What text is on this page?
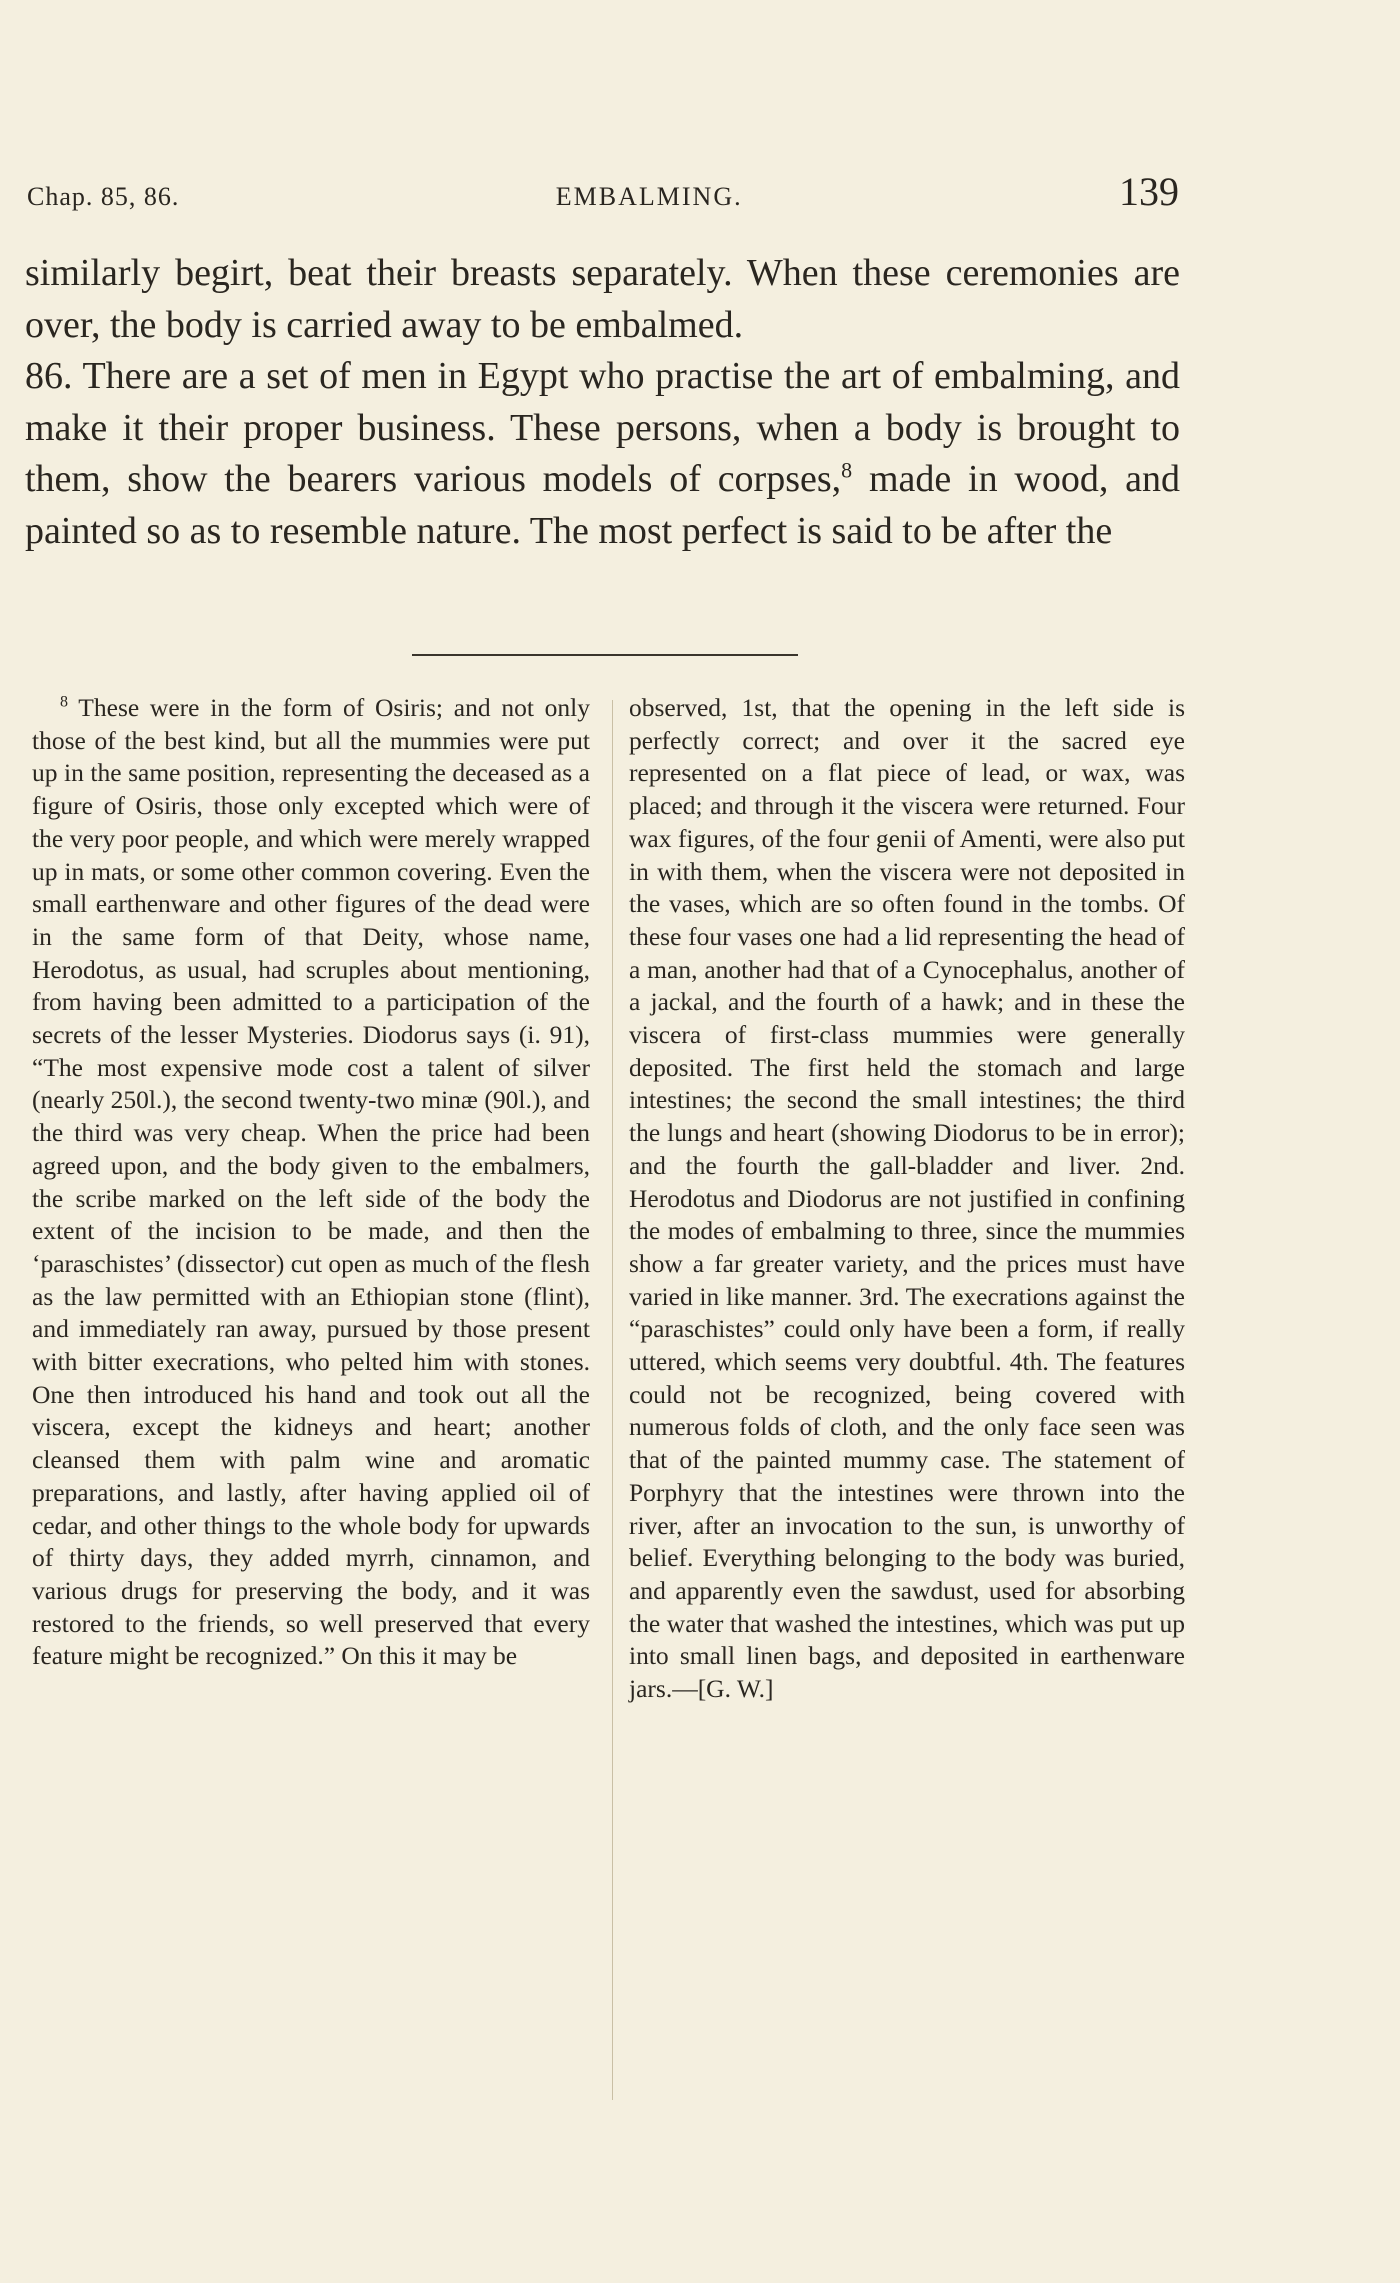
Chap. 85, 86.	EMBALMING.	139

similarly begirt, beat their breasts separately. When these ceremonies are over, the body is carried away to be embalmed.

86. There are a set of men in Egypt who practise the art of embalming, and make it their proper business. These persons, when a body is brought to them, show the bearers various models of corpses,$^8$ made in wood, and painted so as to resemble nature. The most perfect is said to be after the

$^8$ These were in the form of Osiris; and not only those of the best kind, but all the mummies were put up in the same position, representing the deceased as a figure of Osiris, those only excepted which were of the very poor people, and which were merely wrapped up in mats, or some other common covering. Even the small earthenware and other figures of the dead were in the same form of that Deity, whose name, Herodotus, as usual, had scruples about mentioning, from having been admitted to a participation of the secrets of the lesser Mysteries. Diodorus says (i. 91), “The most expensive mode cost a talent of silver (nearly 250l.), the second twenty-two minæ (90l.), and the third was very cheap. When the price had been agreed upon, and the body given to the embalmers, the scribe marked on the left side of the body the extent of the incision to be made, and then the ‘paraschistes’ (dissector) cut open as much of the flesh as the law permitted with an Ethiopian stone (flint), and immediately ran away, pursued by those present with bitter execrations, who pelted him with stones. One then introduced his hand and took out all the viscera, except the kidneys and heart; another cleansed them with palm wine and aromatic preparations, and lastly, after having applied oil of cedar, and other things to the whole body for upwards of thirty days, they added myrrh, cinnamon, and various drugs for preserving the body, and it was restored to the friends, so well preserved that every feature might be recognized.” On this it may be

observed, 1st, that the opening in the left side is perfectly correct; and over it the sacred eye represented on a flat piece of lead, or wax, was placed; and through it the viscera were returned. Four wax figures, of the four genii of Amenti, were also put in with them, when the viscera were not deposited in the vases, which are so often found in the tombs. Of these four vases one had a lid representing the head of a man, another had that of a Cynocephalus, another of a jackal, and the fourth of a hawk; and in these the viscera of first-class mummies were generally deposited. The first held the stomach and large intestines; the second the small intestines; the third the lungs and heart (showing Diodorus to be in error); and the fourth the gall-bladder and liver. 2nd. Herodotus and Diodorus are not justified in confining the modes of embalming to three, since the mummies show a far greater variety, and the prices must have varied in like manner. 3rd. The execrations against the “paraschistes” could only have been a form, if really uttered, which seems very doubtful. 4th. The features could not be recognized, being covered with numerous folds of cloth, and the only face seen was that of the painted mummy case. The statement of Porphyry that the intestines were thrown into the river, after an invocation to the sun, is unworthy of belief. Everything belonging to the body was buried, and apparently even the sawdust, used for absorbing the water that washed the intestines, which was put up into small linen bags, and deposited in earthenware jars.—[G. W.]
